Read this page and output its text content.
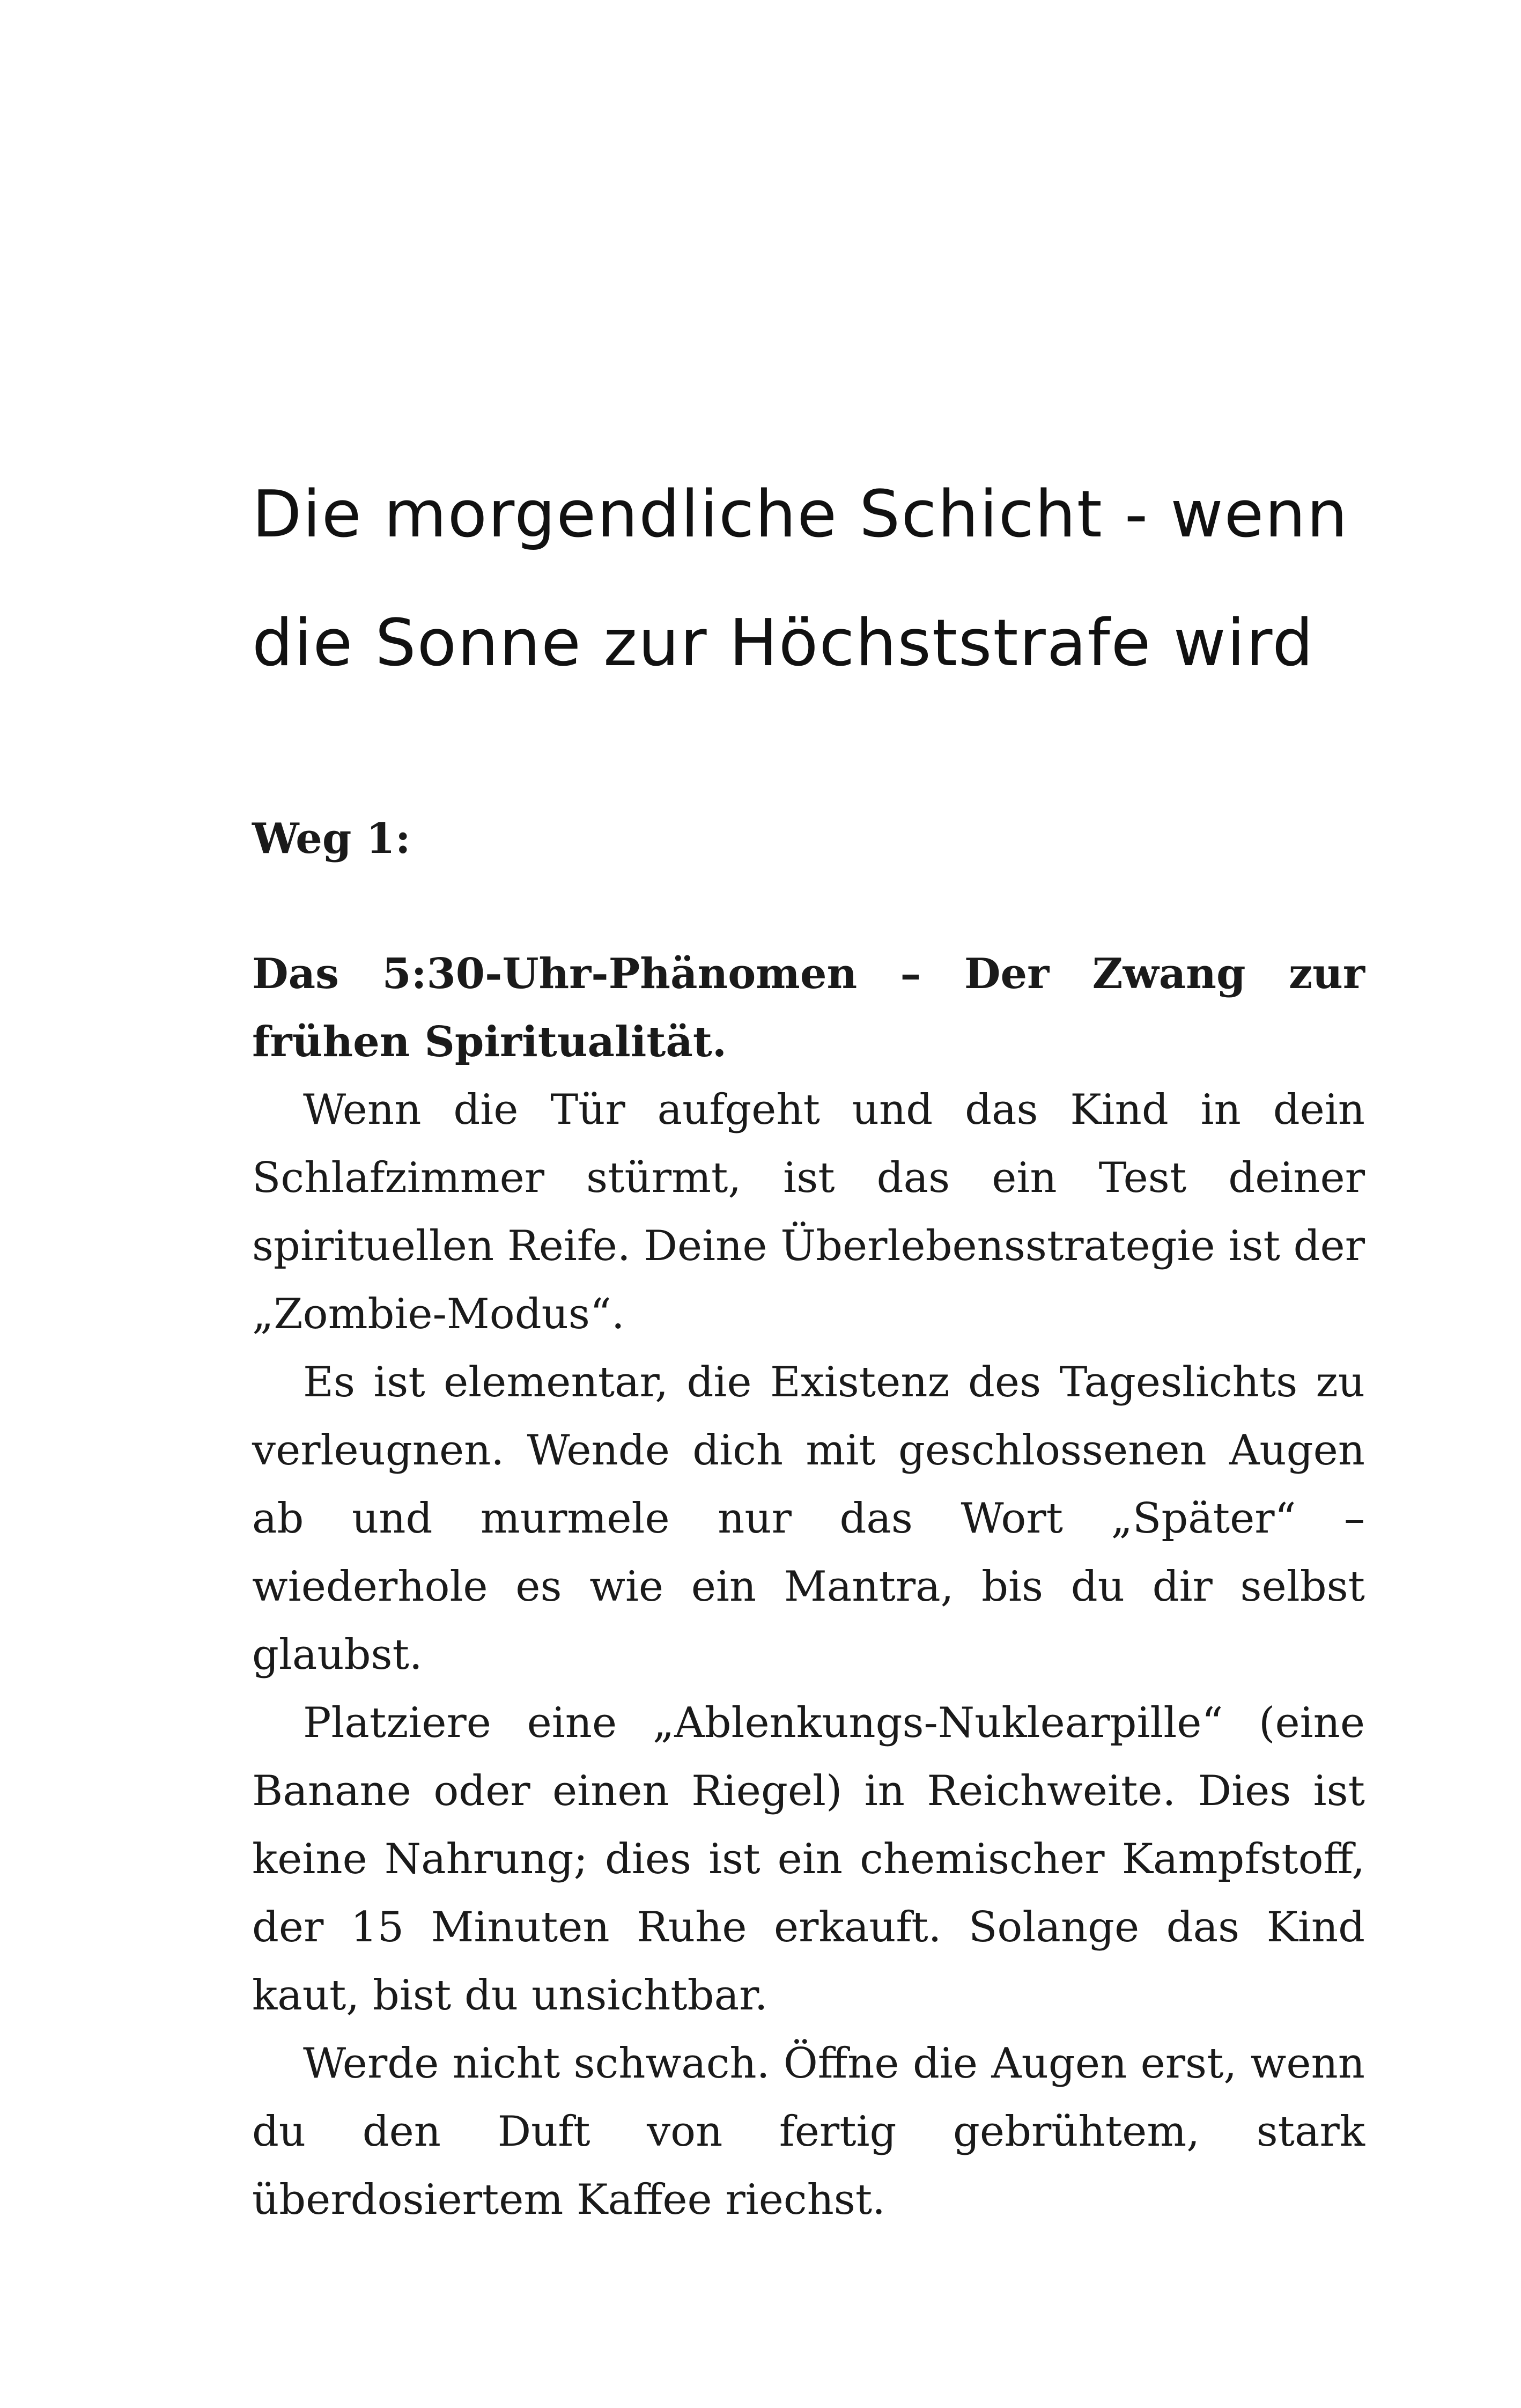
Die morgendliche Schicht - wenn die Sonne zur Höchststrafe wird

Weg 1:

Das 5:30-Uhr-Phänomen – Der Zwang zur frühen Spiritualität.

Wenn die Tür aufgeht und das Kind in dein Schlafzimmer stürmt, ist das ein Test deiner spirituellen Reife. Deine Überlebensstrategie ist der „Zombie-Modus“.

Es ist elementar, die Existenz des Tageslichts zu verleugnen. Wende dich mit geschlossenen Augen ab und murmele nur das Wort „Später“ – wiederhole es wie ein Mantra, bis du dir selbst glaubst.

Platziere eine „Ablenkungs-Nuklearpille“ (eine Banane oder einen Riegel) in Reichweite. Dies ist keine Nahrung; dies ist ein chemischer Kampfstoff, der 15 Minuten Ruhe erkauft. Solange das Kind kaut, bist du unsichtbar.

Werde nicht schwach. Öffne die Augen erst, wenn du den Duft von fertig gebrühtem, stark überdosiertem Kaffee riechst.
